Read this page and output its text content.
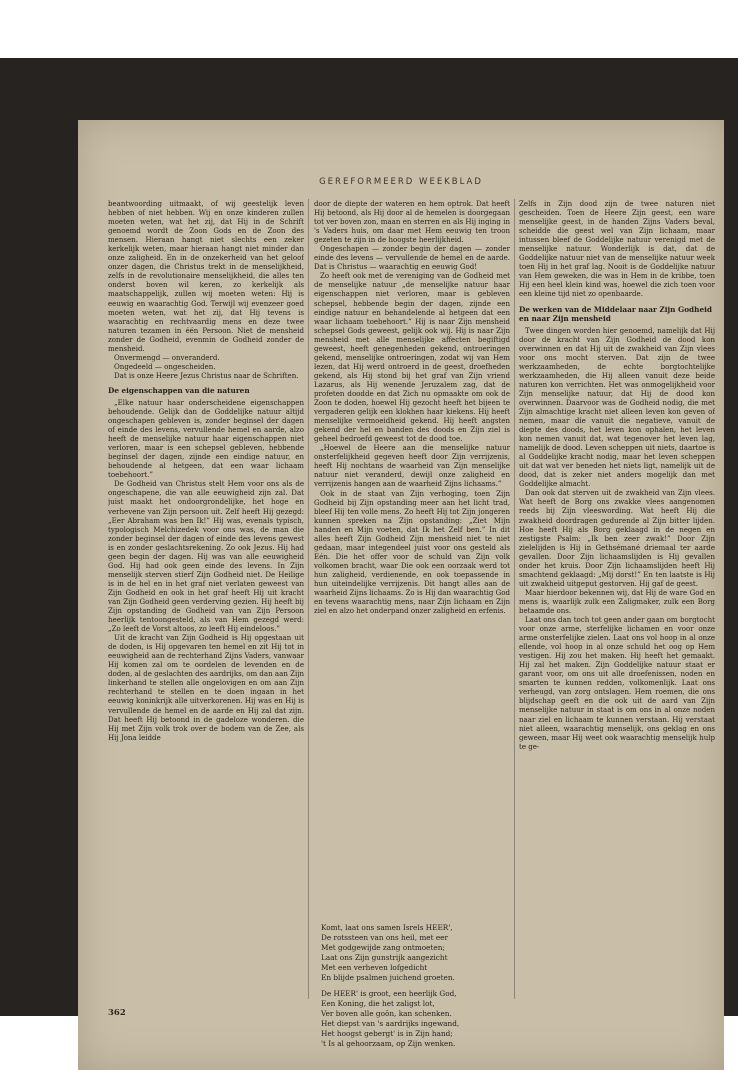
GEREFORMEERD WEEKBLAD

beantwoording uitmaakt, of wij geestelijk leven hebben of niet hebben. Wij en onze kinderen zullen moeten weten, wat het zij, dat Hij in de Schrift genoemd wordt de Zoon Gods en de Zoon des mensen. Hieraan hangt niet slechts een zeker kerkelijk weten, maar hieraan hangt niet minder dan onze zaligheid. En in de onzekerheid van het geloof onzer dagen, die Christus trekt in de menselijkheid, zelfs in de revolutionaire menselijkheid, die alles ten onderst boven wil keren, zo kerkelijk als maatschappelijk, zullen wij moeten weten: Hij is eeuwig en waarachtig God. Terwijl wij evenzeer goed moeten weten, wat het zij, dat Hij tevens is waarachtig en rechtvaardig mens en deze twee naturen tezamen in één Persoon. Niet de mensheid zonder de Godheid, evenmin de Godheid zonder de mensheid.

Onvermengd — onveranderd.

Ongedeeld — ongescheiden.

Dat is onze Heere Jezus Christus naar de Schriften.

De eigenschappen van die naturen

„Elke natuur haar onderscheidene eigenschappen behoudende. Gelijk dan de Goddelijke natuur altijd ongeschapen gebleven is, zonder beginsel der dagen of einde des levens, vervullende hemel en aarde, alzo heeft de menselijke natuur haar eigenschappen niet verloren, maar is een schepsel gebleven, hebbende beginsel der dagen, zijnde een eindige natuur, en behoudende al hetgeen, dat een waar lichaam toebehoort.”

De Godheid van Christus stelt Hem voor ons als de ongeschapene, die van alle eeuwigheid zijn zal. Dat juist maakt het ondoorgrondelijke, het hoge en verhevene van Zijn persoon uit. Zelf heeft Hij gezegd: „Eer Abraham was ben Ik!” Hij was, evenals typisch, typologisch Melchizedek voor ons was, de man die zonder beginsel der dagen of einde des levens gewest is en zonder geslachtsrekening. Zo ook Jezus. Hij had geen begin der dagen. Hij was van alle eeuwigheid God. Hij had ook geen einde des levens. In Zijn menselijk sterven stierf Zijn Godheid niet. De Heilige is in de hel en in het graf niet verlaten geweest van Zijn Godheid en ook in het graf heeft Hij uit kracht van Zijn Godheid geen verderving gezien. Hij heeft bij Zijn opstanding de Godheid van van Zijn Persoon heerlijk tentoongesteld, als van Hem gezegd werd: „Zo leeft de Vorst altoos, zo leeft Hij eindeloos.”

Uit de kracht van Zijn Godheid is Hij opgestaan uit de doden, is Hij opgevaren ten hemel en zit Hij tot in eeuwigheid aan de rechterhand Zijns Vaders, vanwaar Hij komen zal om te oordelen de levenden en de doden, al de geslachten des aardrijks, om dan aan Zijn linkerhand te stellen alle ongelovigen en om aan Zijn rechterhand te stellen en te doen ingaan in het eeuwig koninkrijk alle uitverkorenen. Hij was en Hij is vervullende de hemel en de aarde en Hij zal dat zijn. Dat heeft Hij betoond in de gadeloze wonderen. die Hij met Zijn volk trok over de bodem van de Zee, als Hij Jona leidde

door de diepte der wateren en hem optrok. Dat heeft Hij betoond, als Hij door al de hemelen is doorgegaan tot ver boven zon, maan en sterren en als Hij inging in 's Vaders huis, om daar met Hem eeuwig ten troon gezeten te zijn in de hoogste heerlijkheid.

Ongeschapen — zonder begin der dagen — zonder einde des levens — vervullende de hemel en de aarde. Dat is Christus — waarachtig en eeuwig God!

Zo heeft ook met de vereniging van de Godheid met de menselijke natuur „de menselijke natuur haar eigenschappen niet verloren, maar is gebleven schepsel, hebbende begin der dagen, zijnde een eindige natuur en behandelende al hetgeen dat een waar lichaam toebehoort.” Hij is naar Zijn mensheid schepsel Gods geweest, gelijk ook wij. Hij is naar Zijn mensheid met alle menselijke affecten begiftigd geweest, heeft genegenheden gekend, ontroeringen gekend, menselijke ontroeringen, zodat wij van Hem lezen, dat Hij werd ontroerd in de geest, droefheden gekend, als Hij stond bij het graf van Zijn vriend Lazarus, als Hij wenende Jeruzalem zag, dat de profeten doodde en dat Zich nu opmaakte om ook de Zoon te doden, hoewel Hij gezocht heeft het bijeen te vergaderen gelijk een klokhen haar kiekens. Hij heeft menselijke vermoeidheid gekend. Hij heeft angsten gekend der hel en banden des doods en Zijn ziel is geheel bedroefd geweest tot de dood toe.

„Hoewel de Heere aan die menselijke natuur onsterfelijkheid gegeven heeft door Zijn verrijzenis, heeft Hij nochtans de waarheid van Zijn menselijke natuur niet veranderd, dewijl onze zaligheid en verrijzenis hangen aan de waarheid Zijns lichaams.”

Ook in de staat van Zijn verhoging, toen Zijn Godheid bij Zijn opstanding meer aan het licht trad, bleef Hij ten volle mens. Zo heeft Hij tot Zijn jongeren kunnen spreken na Zijn opstanding: „Ziet Mijn handen en Mijn voeten, dat Ik het Zelf ben.” In dit alles heeft Zijn Godheid Zijn mensheid niet te niet gedaan, maar integendeel juist voor ons gesteld als Eén. Die het offer voor de schuld van Zijn volk volkomen bracht, waar Die ook een oorzaak werd tot hun zaligheid, verdienende, en ook toepassende in hun uiteindelijke verrijzenis. Dit hangt alles aan de waarheid Zijns lichaams. Zo is Hij dan waarachtig God en tevens waarachtig mens, naar Zijn lichaam en Zijn ziel en alzo het onderpand onzer zaligheid en erfenis.

Komt, laat ons samen Isrels HEER',
De rotssteen van ons heil, met eer
Met godgewijde zang ontmoeten;
Laat ons Zijn gunstrijk aangezicht
Met een verheven lofgedicht
En blijde psalmen juichend groeten.
De HEER' is groot, een heerlijk God,
Een Koning, die het zaligst lot,
Ver boven alle goôn, kan schenken.
Het diepst van 's aardrijks ingewand,
Het hoogst gebergt' is in Zijn hand;
't Is al gehoorzaam, op Zijn wenken.

Zelfs in Zijn dood zijn de twee naturen niet gescheiden. Toen de Heere Zijn geest, een ware menselijke geest, in de handen Zijns Vaders beval, scheidde die geest wel van Zijn lichaam, maar intussen bleef de Goddelijke natuur verenigd met de menselijke natuur. Wonderlijk is dat, dat de Goddelijke natuur niet van de menselijke natuur week toen Hij in het graf lag. Nooit is de Goddelijke natuur van Hem geweken, die was in Hem in de kribbe, toen Hij een heel klein kind was, hoewel die zich toen voor een kleine tijd niet zo openbaarde.

De werken van de Middelaar naar Zijn Godheid en naar Zijn mensheid

Twee dingen worden hier genoemd, namelijk dat Hij door de kracht van Zijn Godheid de dood kon overwinnen en dat Hij uit de zwakheid van Zijn vlees voor ons mocht sterven. Dat zijn de twee werkzaamheden, de echte borgtochtelijke werkzaamheden, die Hij alleen vanuit deze beide naturen kon verrichten. Het was onmogelijkheid voor Zijn menselijke natuur, dat Hij de dood kon overwinnen. Daarvoor was de Godheid nodig, die met Zijn almachtige kracht niet alleen leven kon geven of nemen, maar die vanuit die negatieve, vanuit de diepte des doods, het leven kon ophalen, het leven kon nemen vanuit dat, wat tegenover het leven lag, namelijk de dood. Leven scheppen uit niets, daartoe is al Goddelijke kracht nodig, maar het leven scheppen uit dat wat ver beneden het niets ligt, namelijk uit de dood, dat is zeker niet anders mogelijk dan met Goddelijke almacht.

Dan ook dat sterven uit de zwakheid van Zijn vlees. Wat heeft de Borg ons zwakke vlees aangenomen reeds bij Zijn vleeswording. Wat heeft Hij die zwakheid doordragen gedurende al Zijn bitter lijden. Hoe heeft Hij als Borg geklaagd in de negen en zestigste Psalm: „Ik ben zeer zwak!” Door Zijn zielelijden is Hij in Gethsémané driemaal ter aarde gevallen. Door Zijn lichaamslijden is Hij gevallen onder het kruis. Door Zijn lichaamslijden heeft Hij smachtend geklaagd: „Mij dorst!” En ten laatste is Hij uit zwakheid uitgeput gestorven. Hij gaf de geest.

Maar hierdoor bekennen wij, dat Hij de ware God en mens is, waarlijk zulk een Zaligmaker, zulk een Borg betaamde ons.

Laat ons dan toch tot geen ander gaan om borgtocht voor onze arme, sterfelijke lichamen en voor onze arme onsterfelijke zielen. Laat ons vol hoop in al onze ellende, vol hoop in al onze schuld het oog op Hem vestigen. Hij zou het maken. Hij heeft het gemaakt. Hij zal het maken. Zijn Goddelijke natuur staat er garant voor, om ons uit alle droefenissen, noden en smarten te kunnen redden, volkomenlijk. Laat ons verheugd, van zorg ontslagen. Hem roemen, die ons blijdschap geeft en die ook uit de aard van Zijn menselijke natuur in staat is om ons in al onze noden naar ziel en lichaam te kunnen verstaan. Hij verstaat niet alleen, waarachtig menselijk, ons geklag en ons geween, maar Hij weet ook waarachtig menselijk hulp te ge-

362
